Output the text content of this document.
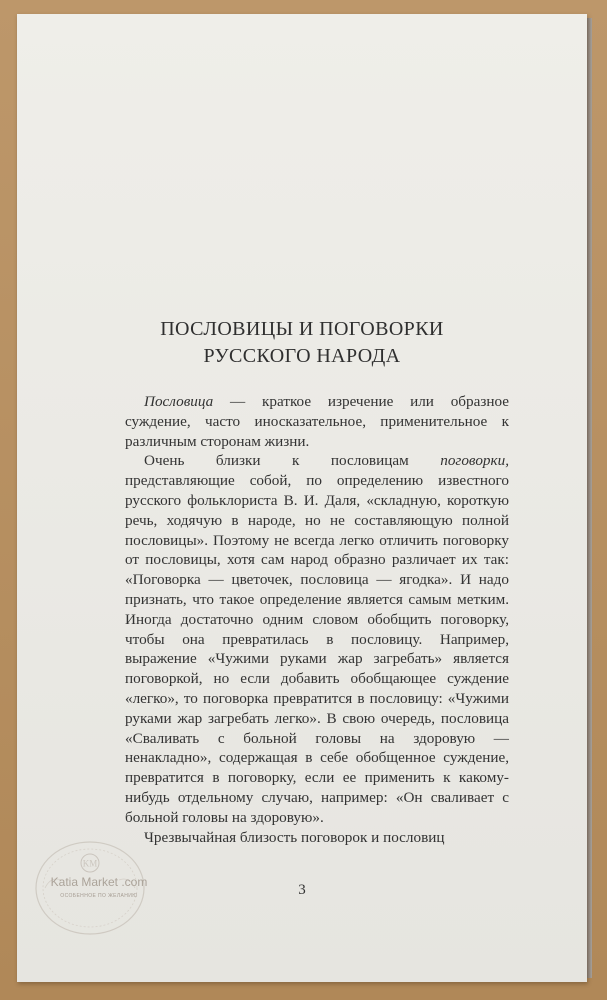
ПОСЛОВИЦЫ И ПОГОВОРКИ
РУССКОГО НАРОДА

Пословица — краткое изречение или образное суждение, часто иносказательное, применительное к различным сторонам жизни.

Очень близки к пословицам поговорки, представляющие собой, по определению известного русского фольклориста В. И. Даля, «складную, короткую речь, ходячую в народе, но не составляющую полной пословицы». Поэтому не всегда легко отличить поговорку от пословицы, хотя сам народ образно различает их так: «Поговорка — цветочек, пословица — ягодка». И надо признать, что такое определение является самым метким. Иногда достаточно одним словом обобщить поговорку, чтобы она превратилась в пословицу. Например, выражение «Чужими руками жар загребать» является поговоркой, но если добавить обобщающее суждение «легко», то поговорка превратится в пословицу: «Чужими руками жар загребать легко». В свою очередь, пословица «Сваливать с больной головы на здоровую — ненакладно», содержащая в себе обобщенное суждение, превратится в поговорку, если ее применить к какому-нибудь отдельному случаю, например: «Он сваливает с больной головы на здоровую».

Чрезвычайная близость поговорок и пословиц

3
KM
Katia Market .com
ОСОБЕННОЕ ПО ЖЕЛАНИЮ
